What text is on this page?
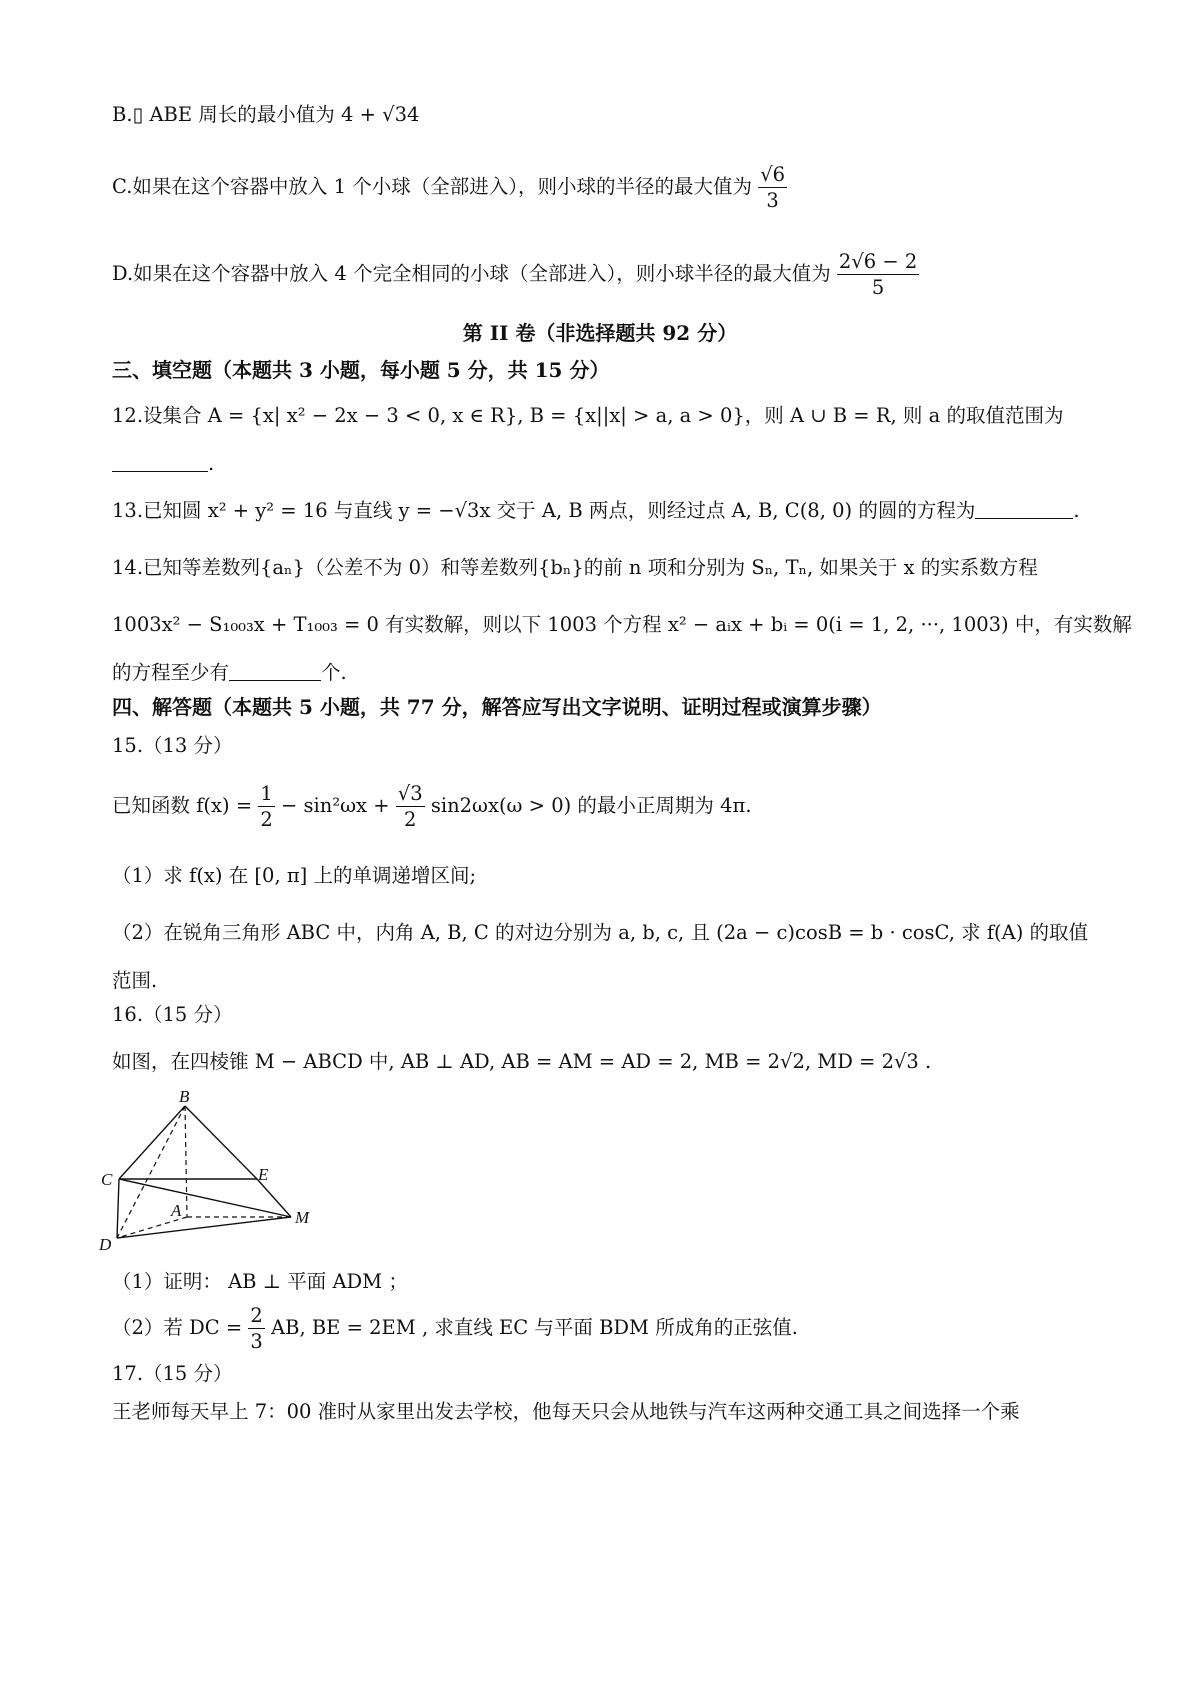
B.▯ ABE 周长的最小值为 4 + √34
C.如果在这个容器中放入 1 个小球（全部进入），则小球的半径的最大值为 $\frac{√6}{3}$
D.如果在这个容器中放入 4 个完全相同的小球（全部进入），则小球半径的最大值为 $\frac{2√6 - 2}{5}$
第 II 卷（非选择题共 92 分）
三、填空题（本题共 3 小题，每小题 5 分，共 15 分）
12.设集合 A = {x| x² − 2x − 3 < 0, x ∈ R}, B = {x||x| > a, a > 0}，则 A ∪ B = R, 则 a 的取值范围为
.
13.已知圆 x² + y² = 16 与直线 y = −√3x 交于 A, B 两点，则经过点 A, B, C(8, 0) 的圆的方程为	.
14.已知等差数列{aₙ}（公差不为 0）和等差数列{bₙ}的前 n 项和分别为 Sₙ, Tₙ, 如果关于 x 的实系数方程
1003x² − S₁₀₀₃x + T₁₀₀₃ = 0 有实数解，则以下 1003 个方程 x² − aᵢx + bᵢ = 0(i = 1, 2, ···, 1003) 中，有实数解
的方程至少有	个.
四、解答题（本题共 5 小题，共 77 分，解答应写出文字说明、证明过程或演算步骤）
15.（13 分）
已知函数 $f(x) = \frac{1}{2} - \sin^2\omega x + \frac{√3}{2} \sin 2\omega x(\omega > 0)$ 的最小正周期为 4π.
（1）求 f(x) 在 [0, π] 上的单调递增区间;
（2）在锐角三角形 ABC 中，内角 A, B, C 的对边分别为 a, b, c, 且 (2a − c)cosB = b · cosC, 求 f(A) 的取值
范围.
16.（15 分）
如图，在四棱锥 M − ABCD 中, AB ⊥ AD, AB = AM = AD = 2, MB = 2√2, MD = 2√3 .
B
C	E
A	M
D
（1）证明： AB ⊥ 平面 ADM ；
（2）若 DC = $\frac{2}{3}$ AB, BE = 2EM , 求直线 EC 与平面 BDM 所成角的正弦值.
17.（15 分）
王老师每天早上 7：00 准时从家里出发去学校，他每天只会从地铁与汽车这两种交通工具之间选择一个乘
